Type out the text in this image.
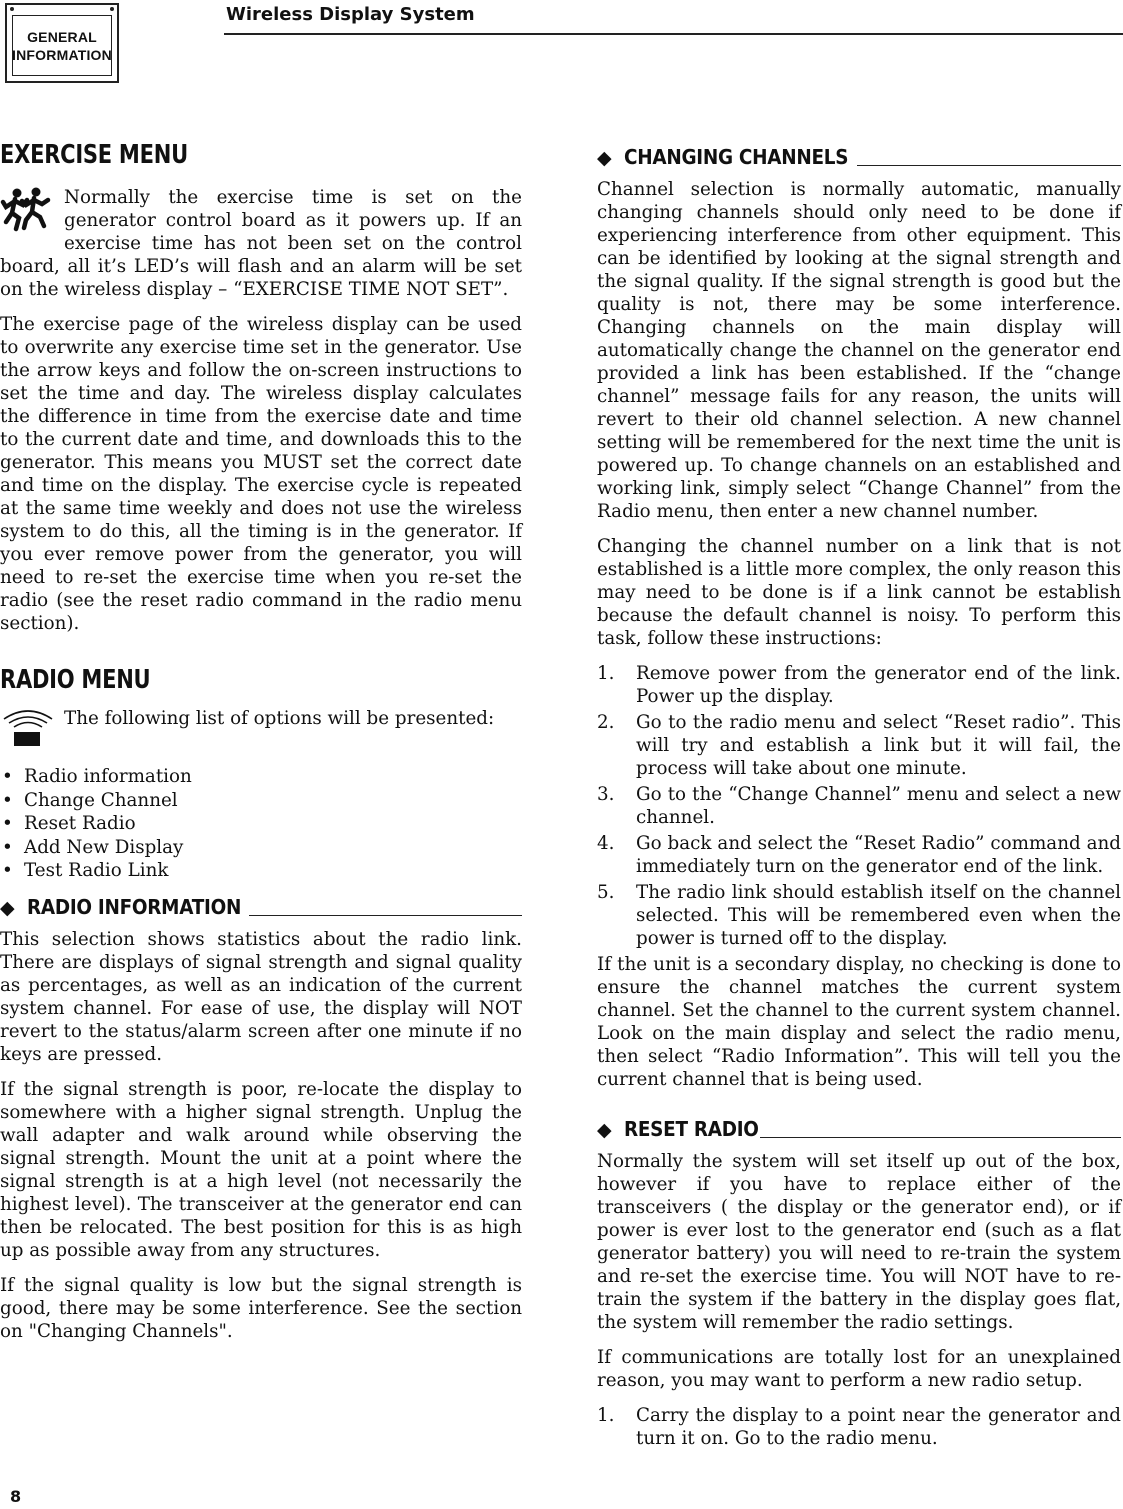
GENERAL
INFORMATION
Wireless Display System
EXERCISE MENU

Normally the exercise time is set on the generator control board as it powers up. If an exercise time has not been set on the control board, all it’s LED’s will flash and an alarm will be set on the wireless display – “EXERCISE TIME NOT SET”.

The exercise page of the wireless display can be used to overwrite any exercise time set in the generator. Use the arrow keys and follow the on-screen instructions to set the time and day. The wireless display calculates the difference in time from the exercise date and time to the current date and time, and downloads this to the generator. This means you MUST set the correct date and time on the display. The exercise cycle is repeated at the same time weekly and does not use the wireless system to do this, all the timing is in the generator. If you ever remove power from the generator, you will need to re-set the exercise time when you re-set the radio (see the reset radio command in the radio menu section).

RADIO MENU

The following list of options will be presented:

• Radio information
• Change Channel
• Reset Radio
• Add New Display
• Test Radio Link
◆ RADIO INFORMATION

This selection shows statistics about the radio link. There are displays of signal strength and signal quality as percentages, as well as an indication of the current system channel. For ease of use, the display will NOT revert to the status/alarm screen after one minute if no keys are pressed.

If the signal strength is poor, re-locate the display to somewhere with a higher signal strength. Unplug the wall adapter and walk around while observing the signal strength. Mount the unit at a point where the signal strength is at a high level (not necessarily the highest level). The transceiver at the generator end can then be relocated. The best position for this is as high up as possible away from any structures.

If the signal quality is low but the signal strength is good, there may be some interference. See the section on "Changing Channels".

◆ CHANGING CHANNELS

Channel selection is normally automatic, manually changing channels should only need to be done if experiencing interference from other equipment. This can be identified by looking at the signal strength and the signal quality. If the signal strength is good but the quality is not, there may be some interference. Changing channels on the main display will automatically change the channel on the generator end provided a link has been established. If the “change channel” message fails for any reason, the units will revert to their old channel selection. A new channel setting will be remembered for the next time the unit is powered up. To change channels on an established and working link, simply select “Change Channel” from the Radio menu, then enter a new channel number.

Changing the channel number on a link that is not established is a little more complex, the only reason this may need to be done is if a link cannot be establish because the default channel is noisy. To perform this task, follow these instructions:

1. Remove power from the generator end of the link. Power up the display.
2. Go to the radio menu and select “Reset radio”. This will try and establish a link but it will fail, the process will take about one minute.
3. Go to the “Change Channel” menu and select a new channel.
4. Go back and select the “Reset Radio” command and immediately turn on the generator end of the link.
5. The radio link should establish itself on the channel selected. This will be remembered even when the power is turned off to the display.

If the unit is a secondary display, no checking is done to ensure the channel matches the current system channel. Set the channel to the current system channel. Look on the main display and select the radio menu, then select “Radio Information”. This will tell you the current channel that is being used.

◆ RESET RADIO

Normally the system will set itself up out of the box, however if you have to replace either of the transceivers ( the display or the generator end), or if power is ever lost to the generator end (such as a flat generator battery) you will need to re-train the system and re-set the exercise time. You will NOT have to re-train the system if the battery in the display goes flat, the system will remember the radio settings.

If communications are totally lost for an unexplained reason, you may want to perform a new radio setup.

1. Carry the display to a point near the generator and turn it on. Go to the radio menu.
8
